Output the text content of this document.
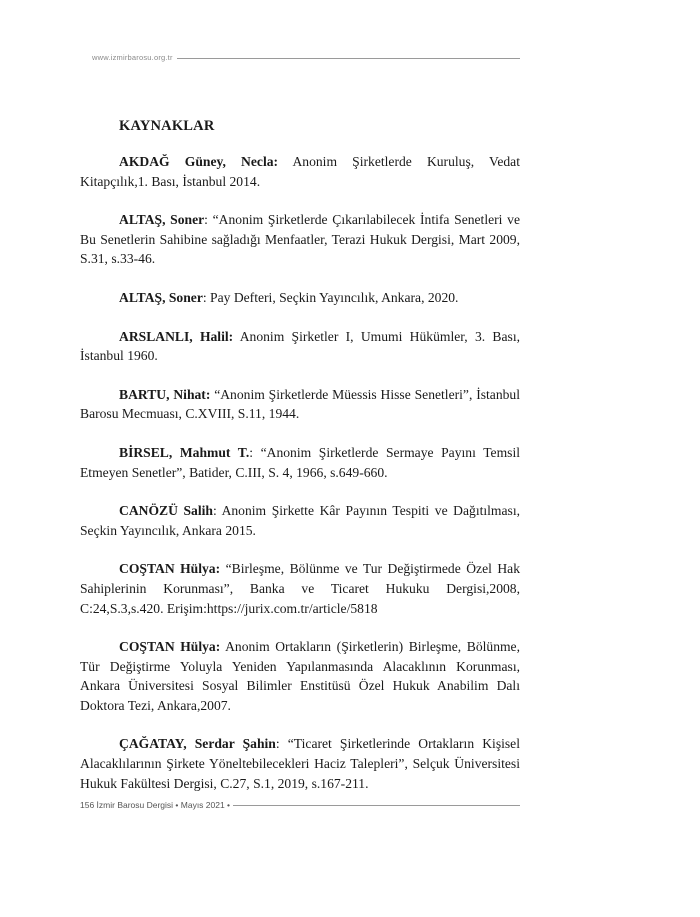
www.izmirbarosu.org.tr
KAYNAKLAR

AKDAĞ Güney, Necla: Anonim Şirketlerde Kuruluş, Vedat Kitapçılık,1. Bası, İstanbul 2014.

ALTAŞ, Soner: “Anonim Şirketlerde Çıkarılabilecek İntifa Senetleri ve Bu Senetlerin Sahibine sağladığı Menfaatler, Terazi Hukuk Dergisi, Mart 2009, S.31, s.33-46.

ALTAŞ, Soner: Pay Defteri, Seçkin Yayıncılık, Ankara, 2020.

ARSLANLI, Halil: Anonim Şirketler I, Umumi Hükümler, 3. Bası, İstanbul 1960.

BARTU, Nihat: “Anonim Şirketlerde Müessis Hisse Senetleri”, İstanbul Barosu Mecmuası, C.XVIII, S.11, 1944.

BİRSEL, Mahmut T.: “Anonim Şirketlerde Sermaye Payını Temsil Etmeyen Senetler”, Batider, C.III, S. 4, 1966, s.649-660.

CANÖZÜ Salih: Anonim Şirkette Kâr Payının Tespiti ve Dağıtılması, Seçkin Yayıncılık, Ankara 2015.

COŞTAN Hülya: “Birleşme, Bölünme ve Tur Değiştirmede Özel Hak Sahiplerinin Korunması”, Banka ve Ticaret Hukuku Dergisi,2008, C:24,S.3,s.420. Erişim:https://jurix.com.tr/article/5818

COŞTAN Hülya: Anonim Ortakların (Şirketlerin) Birleşme, Bölünme, Tür Değiştirme Yoluyla Yeniden Yapılanmasında Alacaklının Korunması, Ankara Üniversitesi Sosyal Bilimler Enstitüsü Özel Hukuk Anabilim Dalı Doktora Tezi, Ankara,2007.

ÇAĞATAY, Serdar Şahin: “Ticaret Şirketlerinde Ortakların Kişisel Alacaklılarının Şirkete Yöneltebilecekleri Haciz Talepleri”, Selçuk Üniversitesi Hukuk Fakültesi Dergisi, C.27, S.1, 2019, s.167-211.

156 İzmir Barosu Dergisi • Mayıs 2021 •
